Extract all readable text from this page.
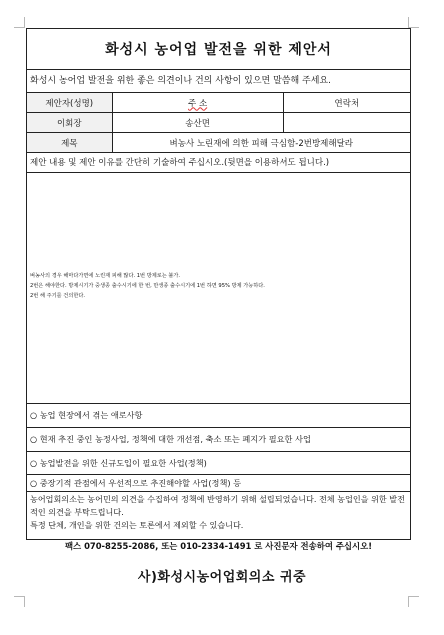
화성시 농어업 발전을 위한 제안서
화성시 농어업 발전을 위한 좋은 의견이나 건의 사항이 있으면 말씀해 주세요.
제안자(성명)	주 소	연락처
이회장	송산면
제목	벼농사 노린재에 의한 피해 극심함-2번방제해달라
제안 내용 및 제안 이유를 간단히 기술하여 주십시오.(뒷면을 이용하셔도 됩니다.)

벼농사의 경우 해마다가면에 노린재 피해 많다. 1번 방제로는 불가.

2번은 해야한다. 방제시기가 중생종 출수시기에 한 번, 만생종 출수시기에 1번 하면 95% 방제 가능하다.

2번 해 주기를 건의한다.

○ 농업 현장에서 겪는 애로사항
○ 현재 추진 중인 농정사업, 정책에 대한 개선점, 축소 또는 폐지가 필요한 사업
○ 농업발전을 위한 신규도입이 필요한 사업(정책)
○ 중장기적 관점에서 우선적으로 추진해야할 사업(정책) 등

농어업회의소는 농어민의 의견을 수집하여 정책에 반영하기 위해 설립되었습니다. 전체 농업인을 위한 발전적인 의견을 부탁드립니다.

특정 단체, 개인을 위한 건의는 토론에서 제외할 수 있습니다.

팩스 070-8255-2086, 또는 010-2334-1491 로 사진문자 전송하여 주십시오!
사)화성시농어업회의소 귀중
